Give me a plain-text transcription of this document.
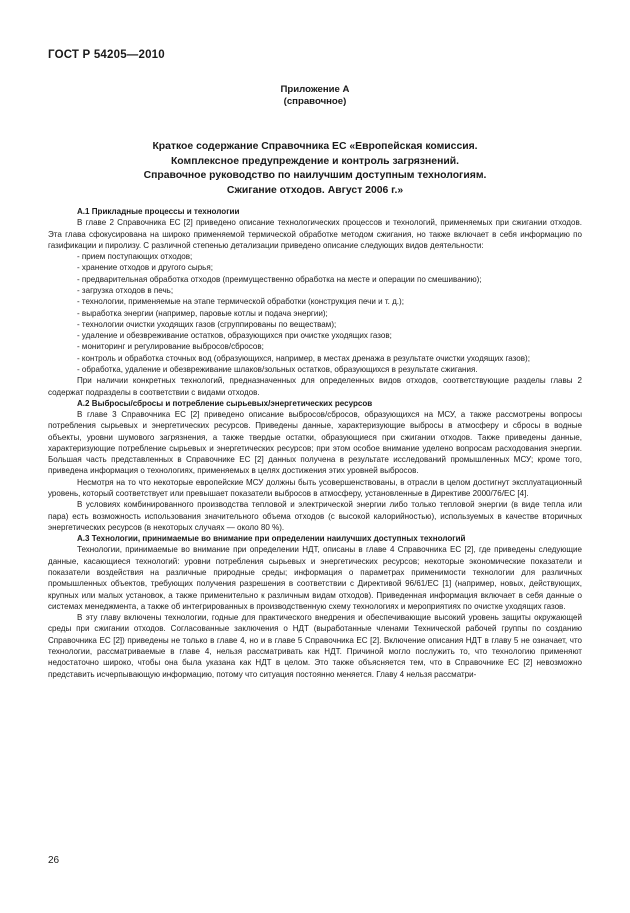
ГОСТ Р 54205—2010
Приложение А
(справочное)
Краткое содержание Справочника ЕС «Европейская комиссия.
Комплексное предупреждение и контроль загрязнений.
Справочное руководство по наилучшим доступным технологиям.
Сжигание отходов. Август 2006 г.»

А.1 Прикладные процессы и технологии

В главе 2 Справочника ЕС [2] приведено описание технологических процессов и технологий, применяемых при сжигании отходов. Эта глава сфокусирована на широко применяемой термической обработке методом сжигания, но также включает в себя информацию по газификации и пиролизу. С различной степенью детализации приведено описание следующих видов деятельности:

- прием поступающих отходов;

- хранение отходов и другого сырья;

- предварительная обработка отходов (преимущественно обработка на месте и операции по смешиванию);

- загрузка отходов в печь;

- технологии, применяемые на этапе термической обработки (конструкция печи и т. д.);

- выработка энергии (например, паровые котлы и подача энергии);

- технологии очистки уходящих газов (сгруппированы по веществам);

- удаление и обезвреживание остатков, образующихся при очистке уходящих газов;

- мониторинг и регулирование выбросов/сбросов;

- контроль и обработка сточных вод (образующихся, например, в местах дренажа в результате очистки уходящих газов);

- обработка, удаление и обезвреживание шлаков/зольных остатков, образующихся в результате сжигания.

При наличии конкретных технологий, предназначенных для определенных видов отходов, соответствующие разделы главы 2 содержат подразделы в соответствии с видами отходов.

А.2 Выбросы/сбросы и потребление сырьевых/энергетических ресурсов

В главе 3 Справочника ЕС [2] приведено описание выбросов/сбросов, образующихся на МСУ, а также рассмотрены вопросы потребления сырьевых и энергетических ресурсов. Приведены данные, характеризующие выбросы в атмосферу и сбросы в водные объекты, уровни шумового загрязнения, а также твердые остатки, образующиеся при сжигании отходов. Также приведены данные, характеризующие потребление сырьевых и энергетических ресурсов; при этом особое внимание уделено вопросам расходования энергии. Большая часть представленных в Справочнике ЕС [2] данных получена в результате исследований промышленных МСУ; кроме того, приведена информация о технологиях, применяемых в целях достижения этих уровней выбросов.

Несмотря на то что некоторые европейские МСУ должны быть усовершенствованы, в отрасли в целом достигнут эксплуатационный уровень, который соответствует или превышает показатели выбросов в атмосферу, установленные в Директиве 2000/76/ЕС [4].

В условиях комбинированного производства тепловой и электрической энергии либо только тепловой энергии (в виде тепла или пара) есть возможность использования значительного объема отходов (с высокой калорийностью), используемых в качестве вторичных энергетических ресурсов (в некоторых случаях — около 80 %).

А.3 Технологии, принимаемые во внимание при определении наилучших доступных технологий

Технологии, принимаемые во внимание при определении НДТ, описаны в главе 4 Справочника ЕС [2], где приведены следующие данные, касающиеся технологий: уровни потребления сырьевых и энергетических ресурсов; некоторые экономические показатели и показатели воздействия на различные природные среды; информация о параметрах применимости технологии для различных промышленных объектов, требующих получения разрешения в соответствии с Директивой 96/61/ЕС [1] (например, новых, действующих, крупных или малых установок, а также применительно к различным видам отходов). Приведенная информация включает в себя данные о системах менеджмента, а также об интегрированных в производственную схему технологиях и мероприятиях по очистке уходящих газов.

В эту главу включены технологии, годные для практического внедрения и обеспечивающие высокий уровень защиты окружающей среды при сжигании отходов. Согласованные заключения о НДТ (выработанные членами Технической рабочей группы по созданию Справочника ЕС [2]) приведены не только в главе 4, но и в главе 5 Справочника ЕС [2]. Включение описания НДТ в главу 5 не означает, что технологии, рассматриваемые в главе 4, нельзя рассматривать как НДТ. Причиной могло послужить то, что технологию применяют недостаточно широко, чтобы она была указана как НДТ в целом. Это также объясняется тем, что в Справочнике ЕС [2] невозможно представить исчерпывающую информацию, потому что ситуация постоянно меняется. Главу 4 нельзя рассматри-

26
